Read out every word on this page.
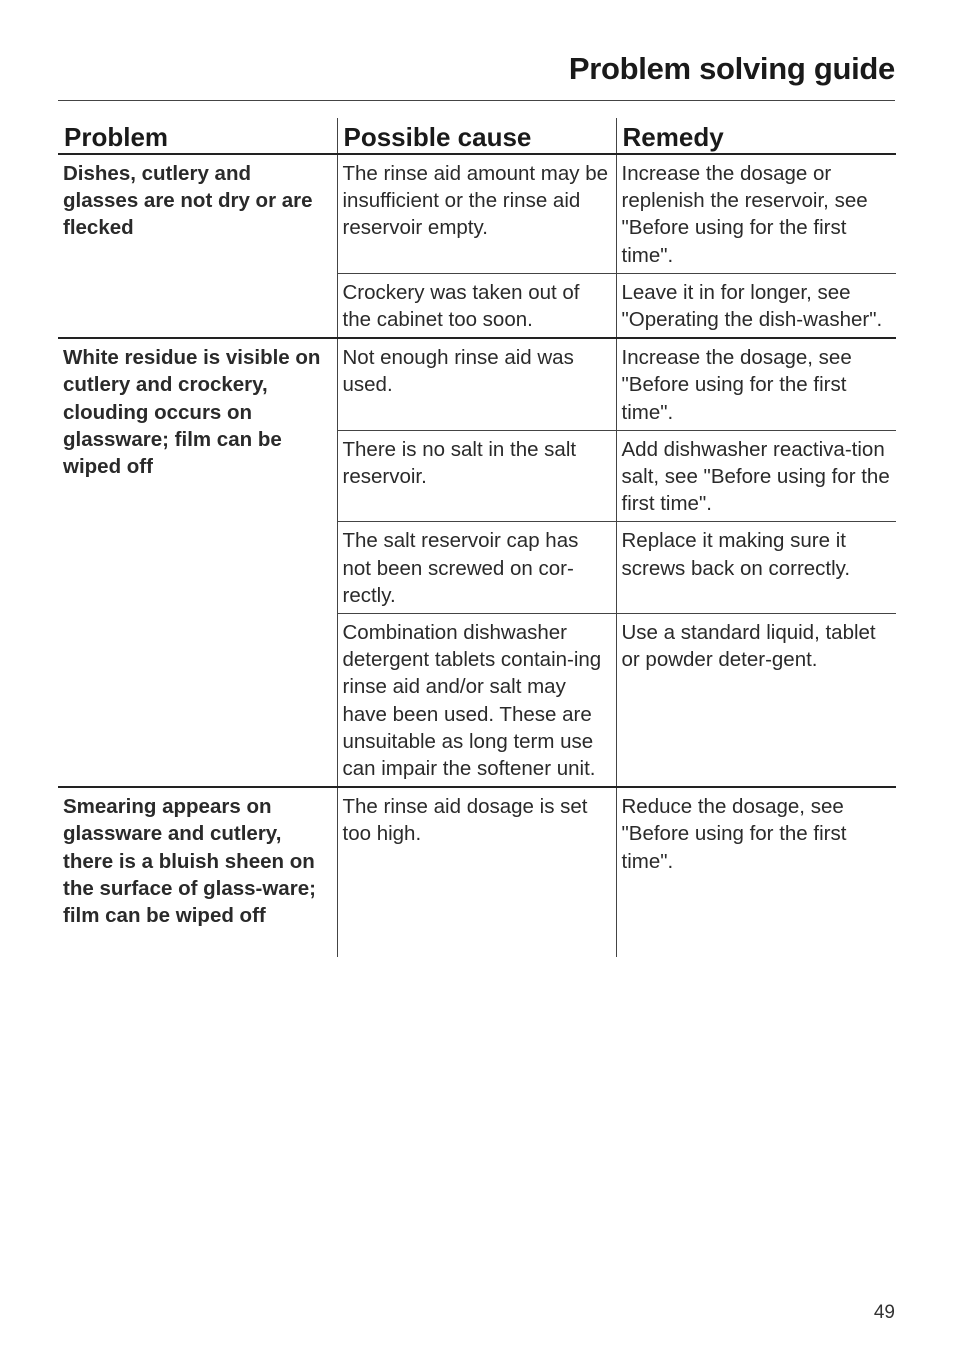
Problem solving guide
Problem	Possible cause	Remedy
Dishes, cutlery and glasses are not dry or are flecked	The rinse aid amount may be insufficient or the rinse aid reservoir empty.	Increase the dosage or replenish the reservoir, see "Before using for the first time".
	Crockery was taken out of the cabinet too soon.	Leave it in for longer, see "Operating the dish-washer".
White residue is visible on cutlery and crockery, clouding occurs on glassware; film can be wiped off	Not enough rinse aid was used.	Increase the dosage, see "Before using for the first time".
	There is no salt in the salt reservoir.	Add dishwasher reactiva-tion salt, see "Before using for the first time".
	The salt reservoir cap has not been screwed on cor-rectly.	Replace it making sure it screws back on correctly.
	Combination dishwasher detergent tablets contain-ing rinse aid and/or salt may have been used. These are unsuitable as long term use can impair the softener unit.	Use a standard liquid, tablet or powder deter-gent.
Smearing appears on glassware and cutlery, there is a bluish sheen on the surface of glass-ware; film can be wiped off	The rinse aid dosage is set too high.	Reduce the dosage, see "Before using for the first time".
49
